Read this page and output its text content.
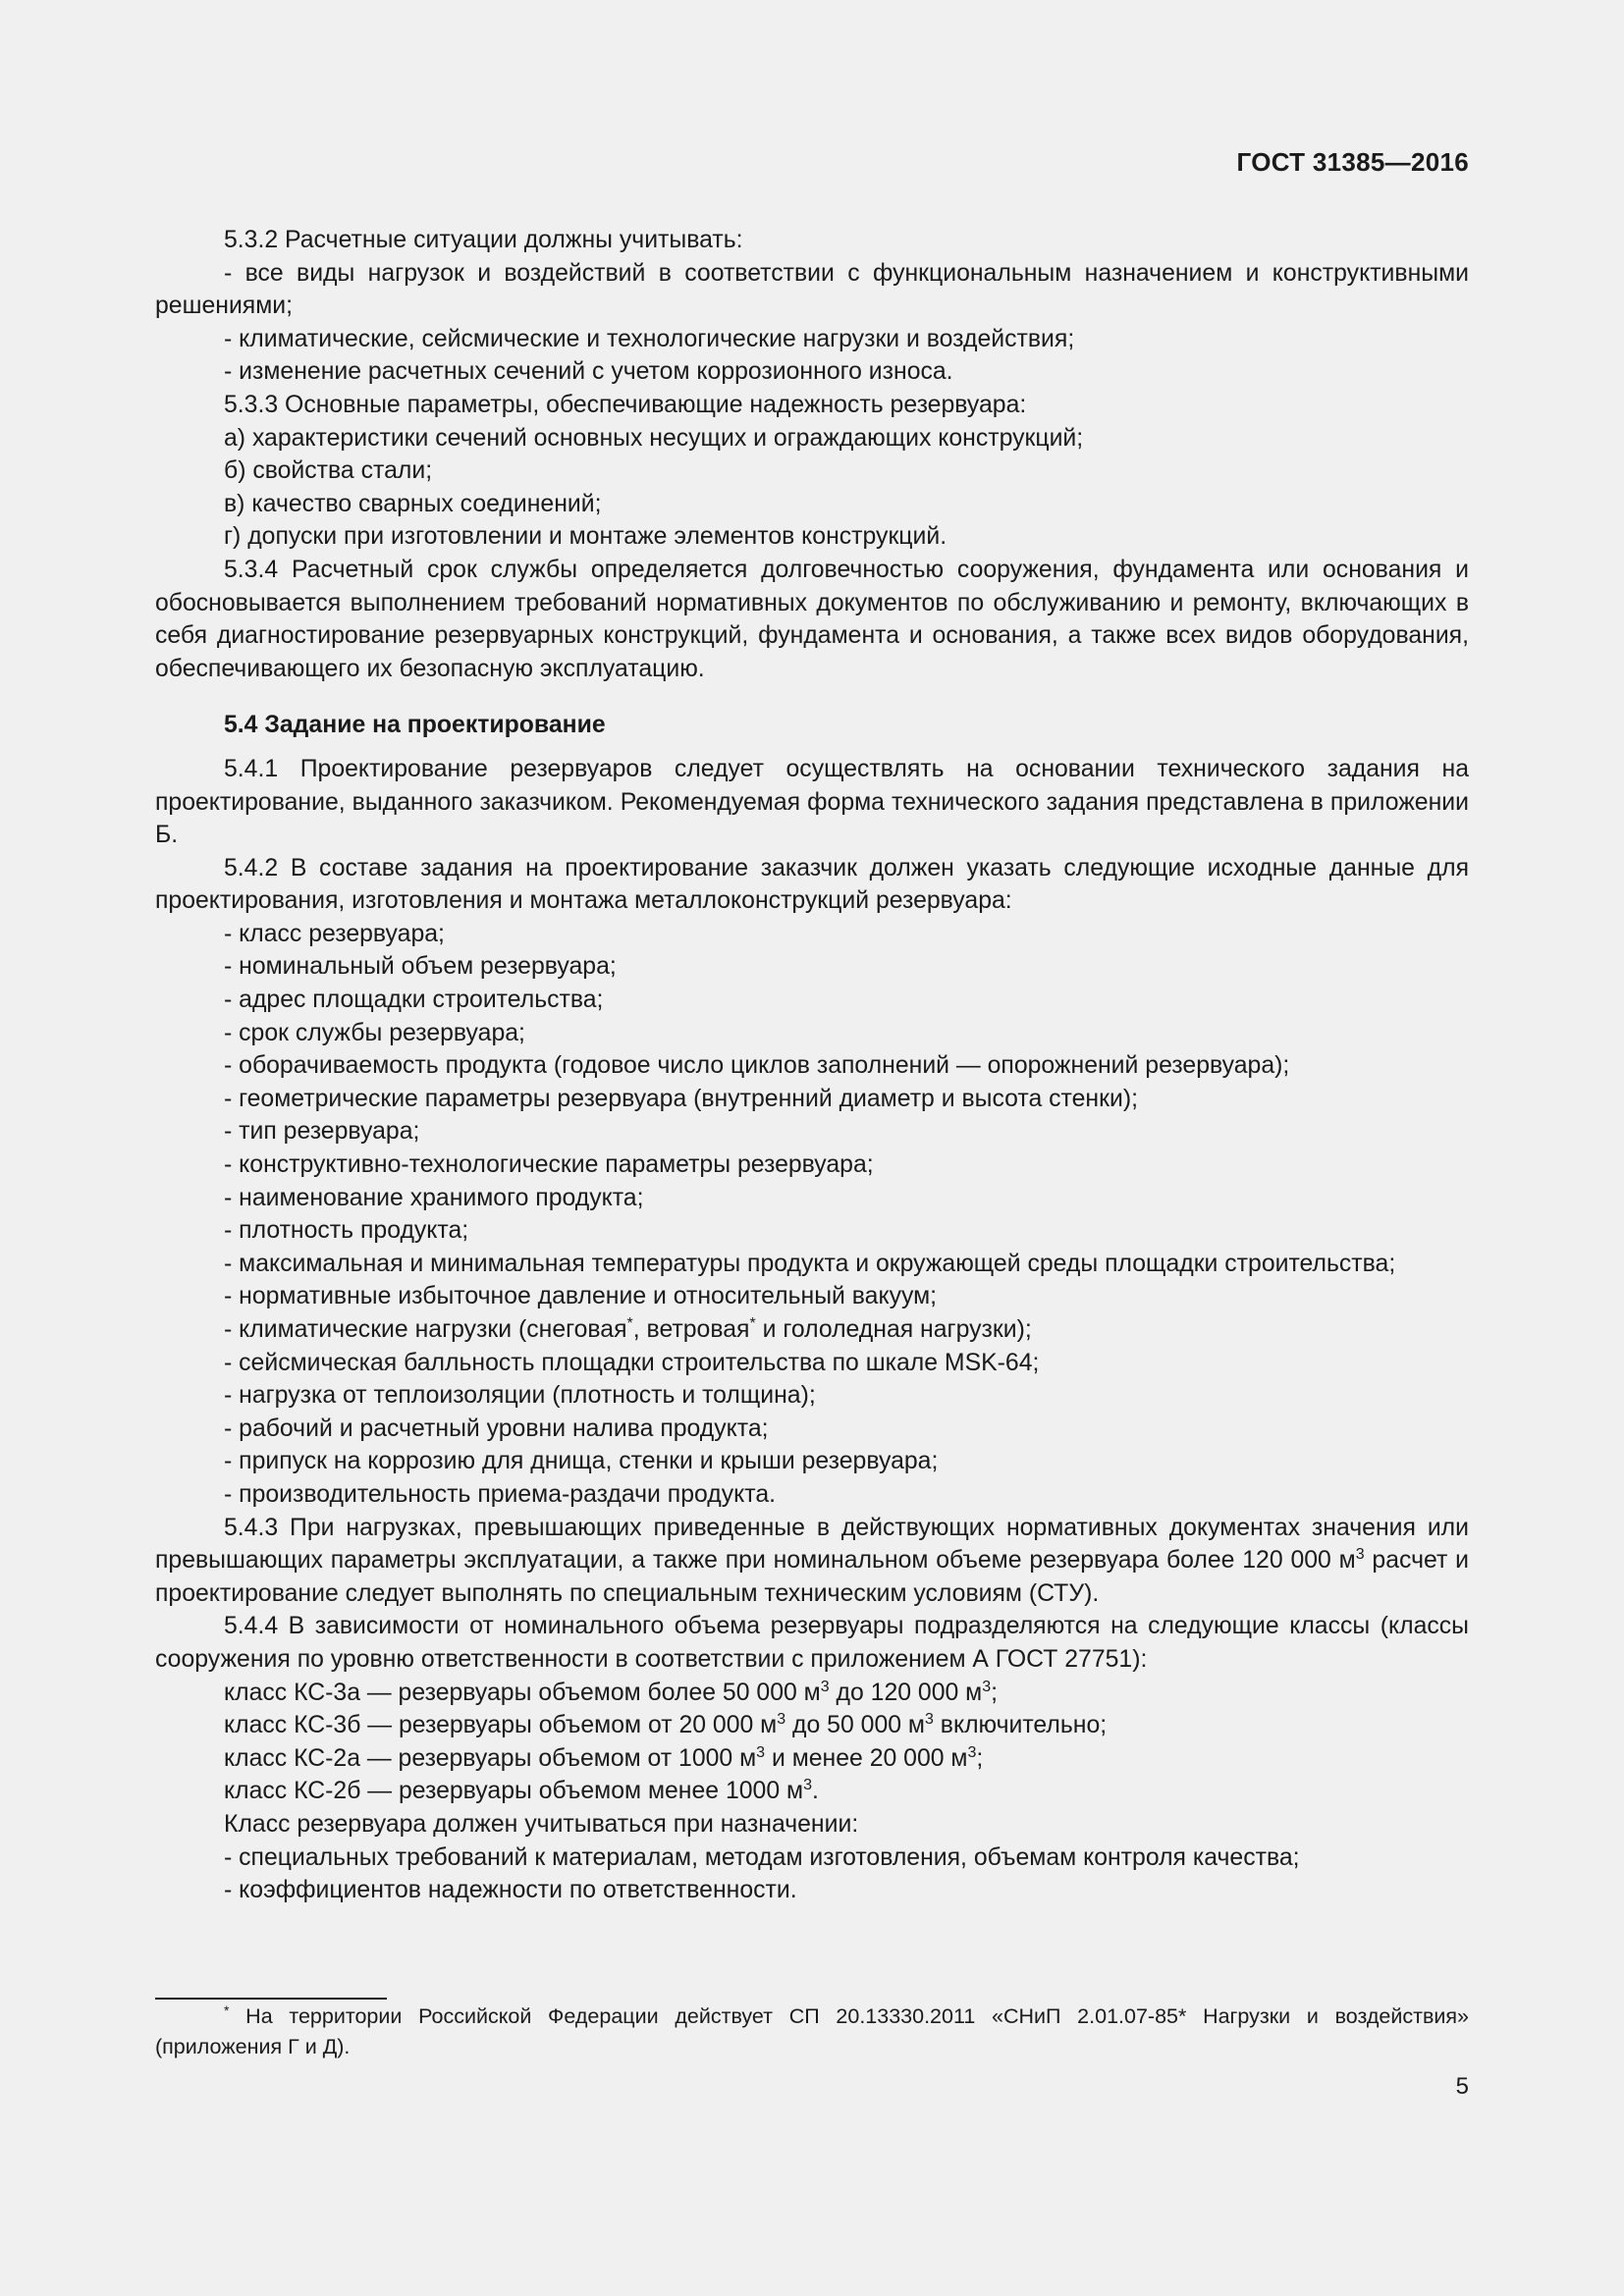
ГОСТ 31385—2016

5.3.2 Расчетные ситуации должны учитывать:

- все виды нагрузок и воздействий в соответствии с функциональным назначением и конструктивными решениями;

- климатические, сейсмические и технологические нагрузки и воздействия;

- изменение расчетных сечений с учетом коррозионного износа.

5.3.3 Основные параметры, обеспечивающие надежность резервуара:

а) характеристики сечений основных несущих и ограждающих конструкций;

б) свойства стали;

в) качество сварных соединений;

г) допуски при изготовлении и монтаже элементов конструкций.

5.3.4 Расчетный срок службы определяется долговечностью сооружения, фундамента или основания и обосновывается выполнением требований нормативных документов по обслуживанию и ремонту, включающих в себя диагностирование резервуарных конструкций, фундамента и основания, а также всех видов оборудования, обеспечивающего их безопасную эксплуатацию.

5.4 Задание на проектирование

5.4.1 Проектирование резервуаров следует осуществлять на основании технического задания на проектирование, выданного заказчиком. Рекомендуемая форма технического задания представлена в приложении Б.

5.4.2 В составе задания на проектирование заказчик должен указать следующие исходные данные для проектирования, изготовления и монтажа металлоконструкций резервуара:

- класс резервуара;

- номинальный объем резервуара;

- адрес площадки строительства;

- срок службы резервуара;

- оборачиваемость продукта (годовое число циклов заполнений — опорожнений резервуара);

- геометрические параметры резервуара (внутренний диаметр и высота стенки);

- тип резервуара;

- конструктивно-технологические параметры резервуара;

- наименование хранимого продукта;

- плотность продукта;

- максимальная и минимальная температуры продукта и окружающей среды площадки строительства;

- нормативные избыточное давление и относительный вакуум;

- климатические нагрузки (снеговая*, ветровая* и гололедная нагрузки);

- сейсмическая балльность площадки строительства по шкале MSK-64;

- нагрузка от теплоизоляции (плотность и толщина);

- рабочий и расчетный уровни налива продукта;

- припуск на коррозию для днища, стенки и крыши резервуара;

- производительность приема-раздачи продукта.

5.4.3 При нагрузках, превышающих приведенные в действующих нормативных документах значения или превышающих параметры эксплуатации, а также при номинальном объеме резервуара более 120 000 $м^3$ расчет и проектирование следует выполнять по специальным техническим условиям (СТУ).

5.4.4 В зависимости от номинального объема резервуары подразделяются на следующие классы (классы сооружения по уровню ответственности в соответствии с приложением А ГОСТ 27751):

класс КС-3а — резервуары объемом более 50 000 $м^3$ до 120 000 $м^3$;

класс КС-3б — резервуары объемом от 20 000 $м^3$ до 50 000 $м^3$ включительно;

класс КС-2а — резервуары объемом от 1000 $м^3$ и менее 20 000 $м^3$;

класс КС-2б — резервуары объемом менее 1000 $м^3$.

Класс резервуара должен учитываться при назначении:

- специальных требований к материалам, методам изготовления, объемам контроля качества;

- коэффициентов надежности по ответственности.

* На территории Российской Федерации действует СП 20.13330.2011 «СНиП 2.01.07-85* Нагрузки и воздействия» (приложения Г и Д).

5
